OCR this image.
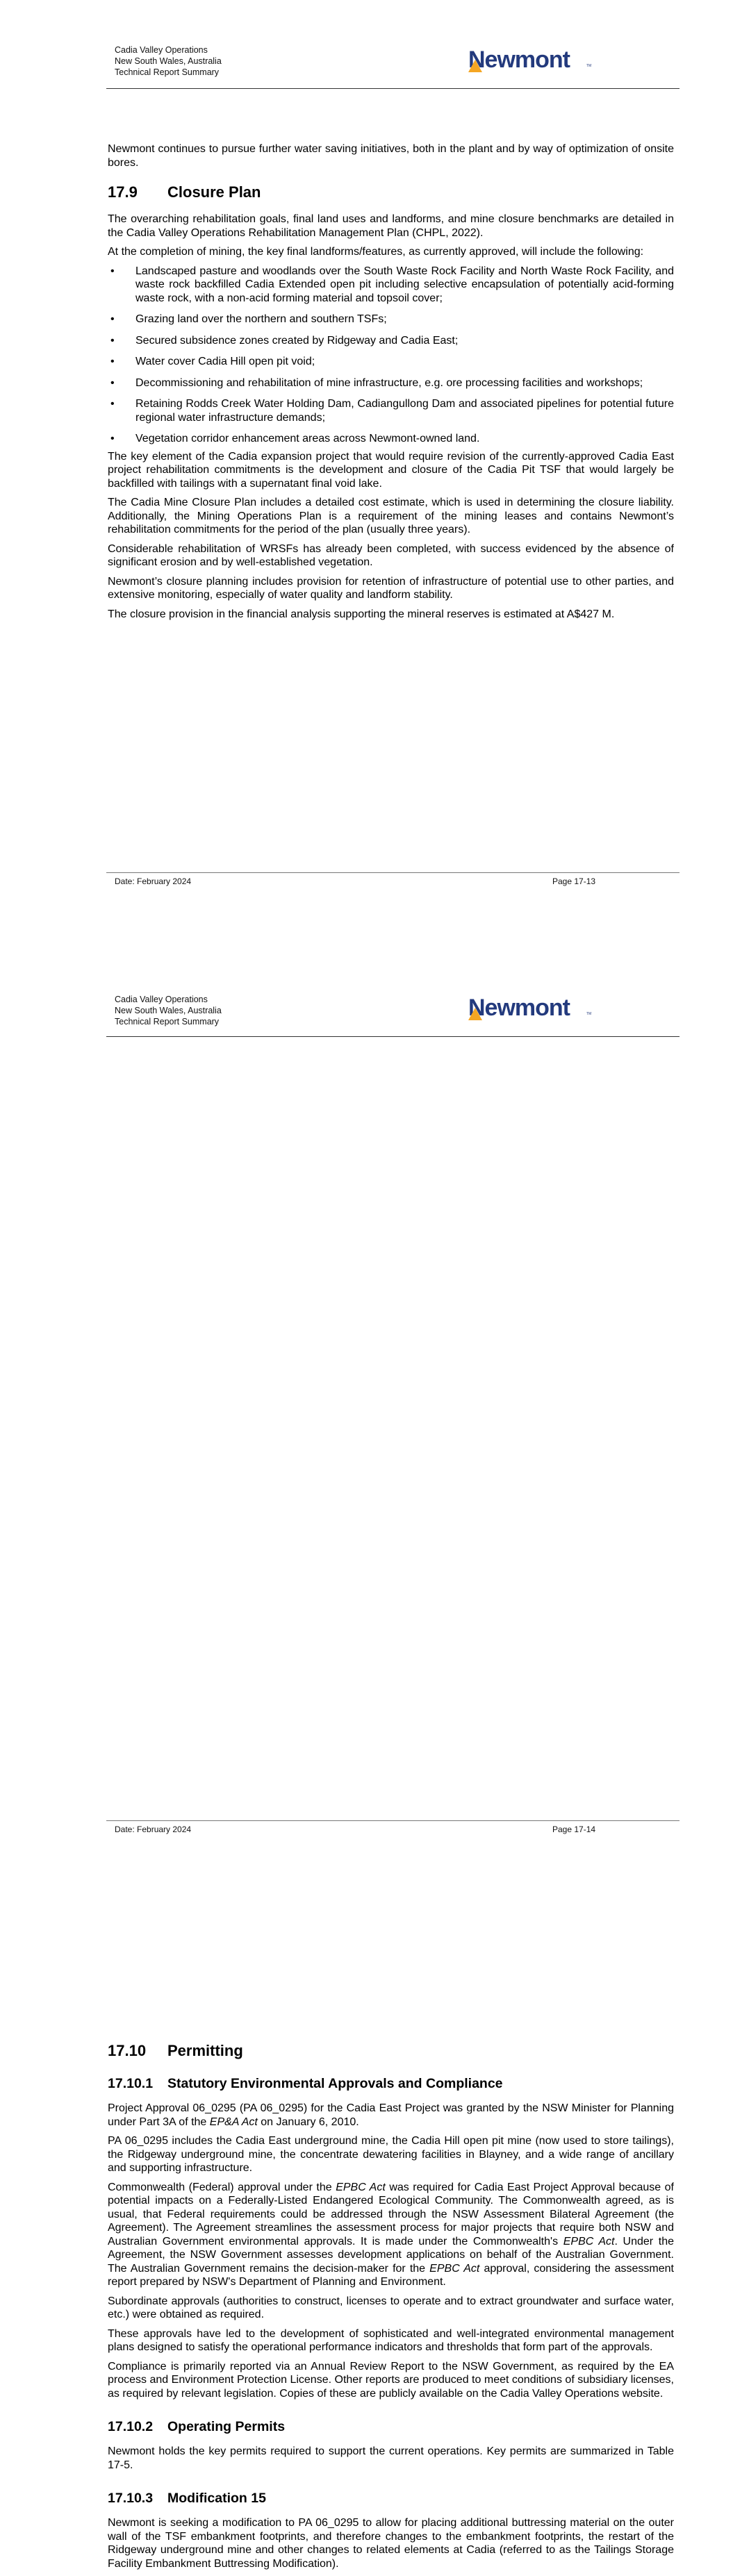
Cadia Valley Operations
New South Wales, Australia
Technical Report Summary	Newmont	TM

Newmont continues to pursue further water saving initiatives, both in the plant and by way of optimization of onsite bores.

17.9 Closure Plan

The overarching rehabilitation goals, final land uses and landforms, and mine closure benchmarks are detailed in the Cadia Valley Operations Rehabilitation Management Plan (CHPL, 2022).

At the completion of mining, the key final landforms/features, as currently approved, will include the following:

• Landscaped pasture and woodlands over the South Waste Rock Facility and North Waste Rock Facility, and waste rock backfilled Cadia Extended open pit including selective encapsulation of potentially acid-forming waste rock, with a non-acid forming material and topsoil cover;
• Grazing land over the northern and southern TSFs;
• Secured subsidence zones created by Ridgeway and Cadia East;
• Water cover Cadia Hill open pit void;
• Decommissioning and rehabilitation of mine infrastructure, e.g. ore processing facilities and workshops;
• Retaining Rodds Creek Water Holding Dam, Cadiangullong Dam and associated pipelines for potential future regional water infrastructure demands;
• Vegetation corridor enhancement areas across Newmont-owned land.

The key element of the Cadia expansion project that would require revision of the currently-approved Cadia East project rehabilitation commitments is the development and closure of the Cadia Pit TSF that would largely be backfilled with tailings with a supernatant final void lake.

The Cadia Mine Closure Plan includes a detailed cost estimate, which is used in determining the closure liability. Additionally, the Mining Operations Plan is a requirement of the mining leases and contains Newmont’s rehabilitation commitments for the period of the plan (usually three years).

Considerable rehabilitation of WRSFs has already been completed, with success evidenced by the absence of significant erosion and by well-established vegetation.

Newmont’s closure planning includes provision for retention of infrastructure of potential use to other parties, and extensive monitoring, especially of water quality and landform stability.

The closure provision in the financial analysis supporting the mineral reserves is estimated at A$427 M.

Date: February 2024	Page 17-13
Cadia Valley Operations
New South Wales, Australia
Technical Report Summary
Newmont	TM
17.10 Permitting
17.10.1 Statutory Environmental Approvals and Compliance

Project Approval 06_0295 (PA 06_0295) for the Cadia East Project was granted by the NSW Minister for Planning under Part 3A of the EP&A Act on January 6, 2010.

PA 06_0295 includes the Cadia East underground mine, the Cadia Hill open pit mine (now used to store tailings), the Ridgeway underground mine, the concentrate dewatering facilities in Blayney, and a wide range of ancillary and supporting infrastructure.

Commonwealth (Federal) approval under the EPBC Act was required for Cadia East Project Approval because of potential impacts on a Federally-Listed Endangered Ecological Community. The Commonwealth agreed, as is usual, that Federal requirements could be addressed through the NSW Assessment Bilateral Agreement (the Agreement). The Agreement streamlines the assessment process for major projects that require both NSW and Australian Government environmental approvals. It is made under the Commonwealth's EPBC Act. Under the Agreement, the NSW Government assesses development applications on behalf of the Australian Government. The Australian Government remains the decision-maker for the EPBC Act approval, considering the assessment report prepared by NSW's Department of Planning and Environment.

Subordinate approvals (authorities to construct, licenses to operate and to extract groundwater and surface water, etc.) were obtained as required.

These approvals have led to the development of sophisticated and well-integrated environmental management plans designed to satisfy the operational performance indicators and thresholds that form part of the approvals.

Compliance is primarily reported via an Annual Review Report to the NSW Government, as required by the EA process and Environment Protection License. Other reports are produced to meet conditions of subsidiary licenses, as required by relevant legislation. Copies of these are publicly available on the Cadia Valley Operations website.

17.10.2 Operating Permits

Newmont holds the key permits required to support the current operations. Key permits are summarized in Table 17-5.

17.10.3 Modification 15

Newmont is seeking a modification to PA 06_0295 to allow for placing additional buttressing material on the outer wall of the TSF embankment footprints, and therefore changes to the embankment footprints, the restart of the Ridgeway underground mine and other changes to related elements at Cadia (referred to as the Tailings Storage Facility Embankment Buttressing Modification).

Date: February 2024	Page 17-14
